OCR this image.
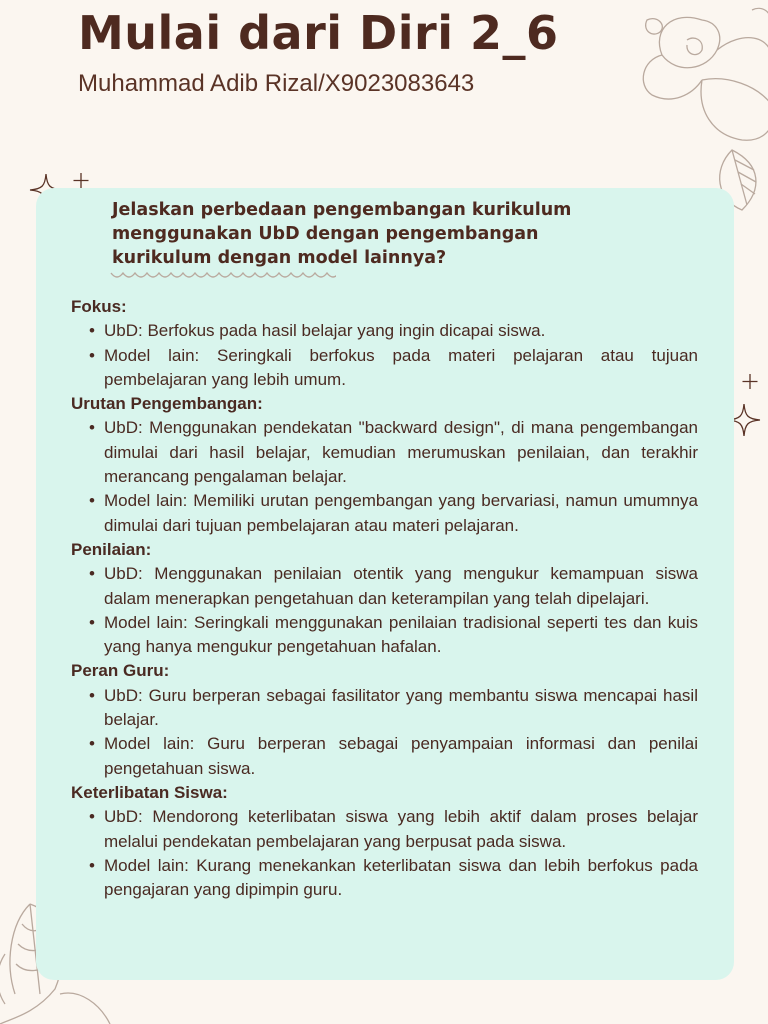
Mulai dari Diri 2_6

Muhammad Adib Rizal/X9023083643

Jelaskan perbedaan pengembangan kurikulum menggunakan UbD dengan pengembangan kurikulum dengan model lainnya?

Fokus:

• UbD: Berfokus pada hasil belajar yang ingin dicapai siswa.
• Model lain: Seringkali berfokus pada materi pelajaran atau tujuan pembelajaran yang lebih umum.

Urutan Pengembangan:

• UbD: Menggunakan pendekatan "backward design", di mana pengembangan dimulai dari hasil belajar, kemudian merumuskan penilaian, dan terakhir merancang pengalaman belajar.
• Model lain: Memiliki urutan pengembangan yang bervariasi, namun umumnya dimulai dari tujuan pembelajaran atau materi pelajaran.

Penilaian:

• UbD: Menggunakan penilaian otentik yang mengukur kemampuan siswa dalam menerapkan pengetahuan dan keterampilan yang telah dipelajari.
• Model lain: Seringkali menggunakan penilaian tradisional seperti tes dan kuis yang hanya mengukur pengetahuan hafalan.

Peran Guru:

• UbD: Guru berperan sebagai fasilitator yang membantu siswa mencapai hasil belajar.
• Model lain: Guru berperan sebagai penyampaian informasi dan penilai pengetahuan siswa.

Keterlibatan Siswa:

• UbD: Mendorong keterlibatan siswa yang lebih aktif dalam proses belajar melalui pendekatan pembelajaran yang berpusat pada siswa.
• Model lain: Kurang menekankan keterlibatan siswa dan lebih berfokus pada pengajaran yang dipimpin guru.
